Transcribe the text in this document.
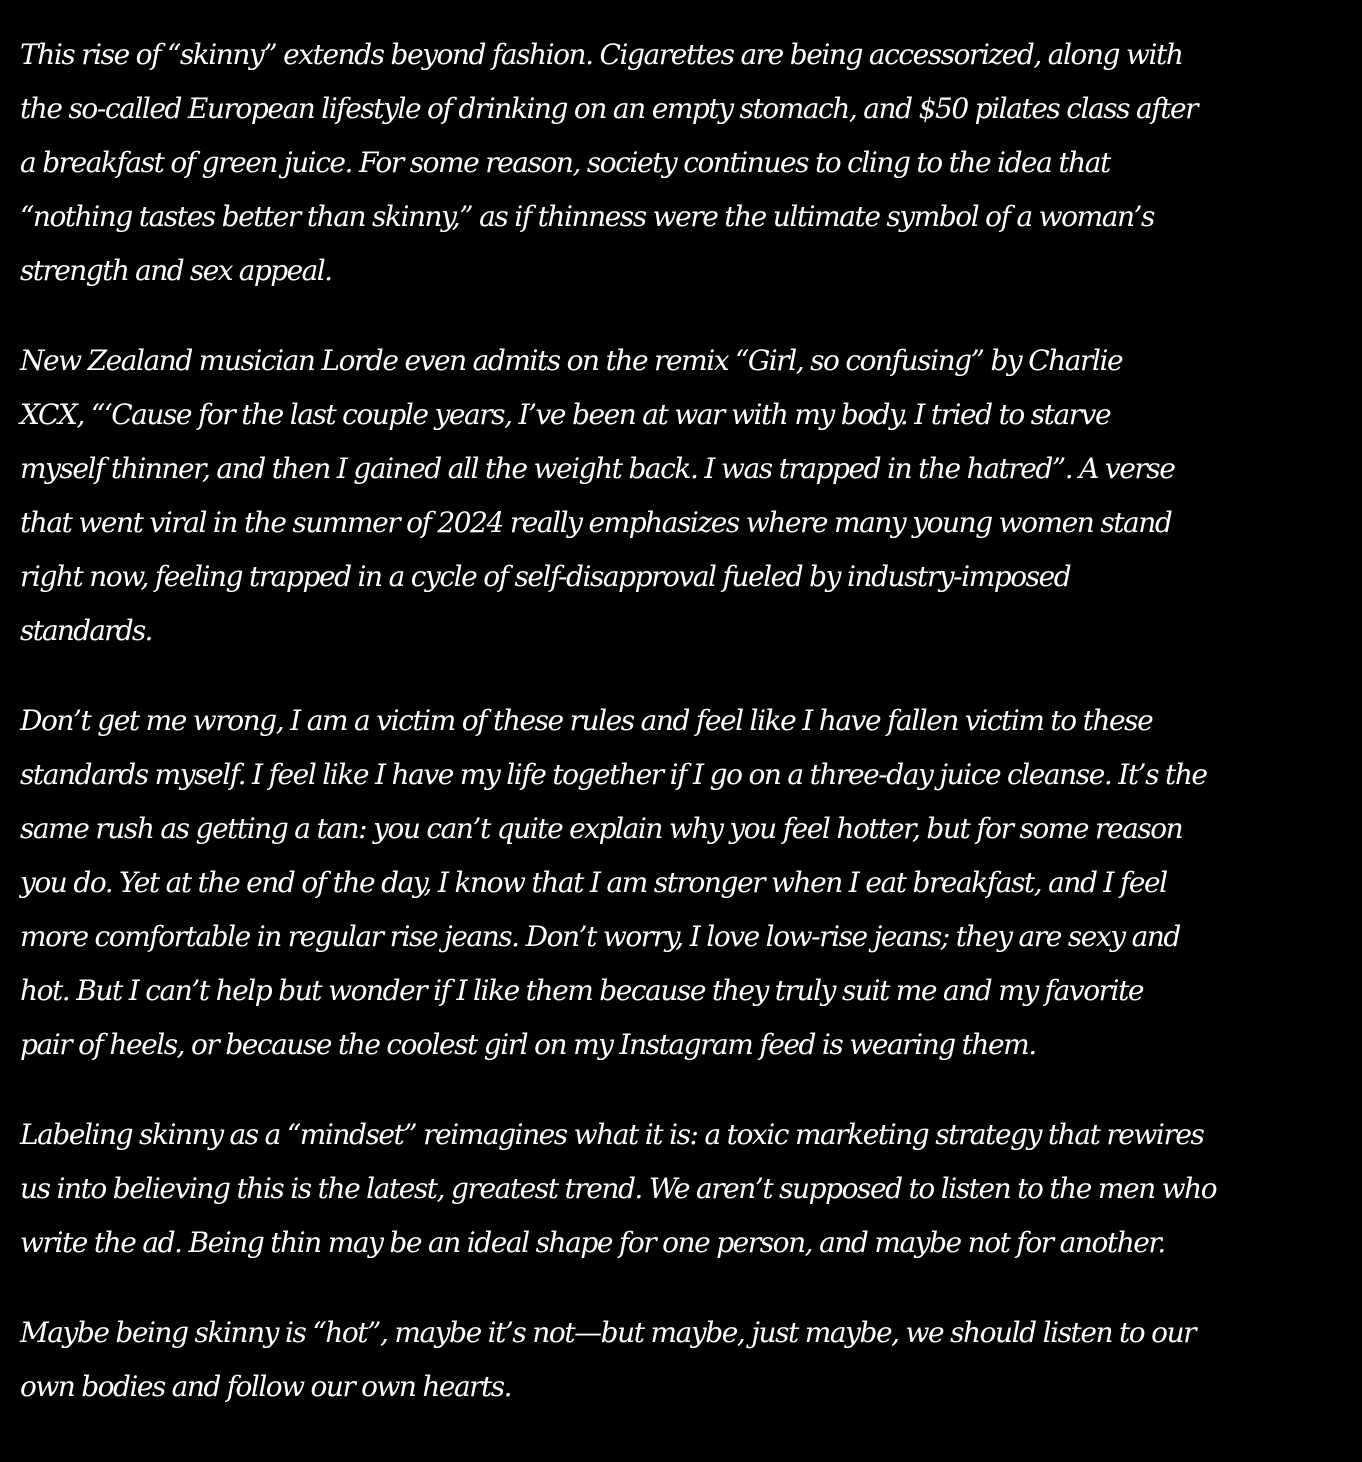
This rise of “skinny” extends beyond fashion. Cigarettes are being accessorized, along with
the so-called European lifestyle of drinking on an empty stomach, and $50 pilates class after
a breakfast of green juice. For some reason, society continues to cling to the idea that
“nothing tastes better than skinny,” as if thinness were the ultimate symbol of a woman’s
strength and sex appeal.

New Zealand musician Lorde even admits on the remix “Girl, so confusing” by Charlie
XCX, “‘Cause for the last couple years, I’ve been at war with my body. I tried to starve
myself thinner, and then I gained all the weight back. I was trapped in the hatred”. A verse
that went viral in the summer of 2024 really emphasizes where many young women stand
right now, feeling trapped in a cycle of self-disapproval fueled by industry-imposed
standards.

Don’t get me wrong, I am a victim of these rules and feel like I have fallen victim to these
standards myself. I feel like I have my life together if I go on a three-day juice cleanse. It’s the
same rush as getting a tan: you can’t quite explain why you feel hotter, but for some reason
you do. Yet at the end of the day, I know that I am stronger when I eat breakfast, and I feel
more comfortable in regular rise jeans. Don’t worry, I love low-rise jeans; they are sexy and
hot. But I can’t help but wonder if I like them because they truly suit me and my favorite
pair of heels, or because the coolest girl on my Instagram feed is wearing them.

Labeling skinny as a “mindset” reimagines what it is: a toxic marketing strategy that rewires
us into believing this is the latest, greatest trend. We aren’t supposed to listen to the men who
write the ad. Being thin may be an ideal shape for one person, and maybe not for another.

Maybe being skinny is “hot”, maybe it’s not—but maybe, just maybe, we should listen to our
own bodies and follow our own hearts.
